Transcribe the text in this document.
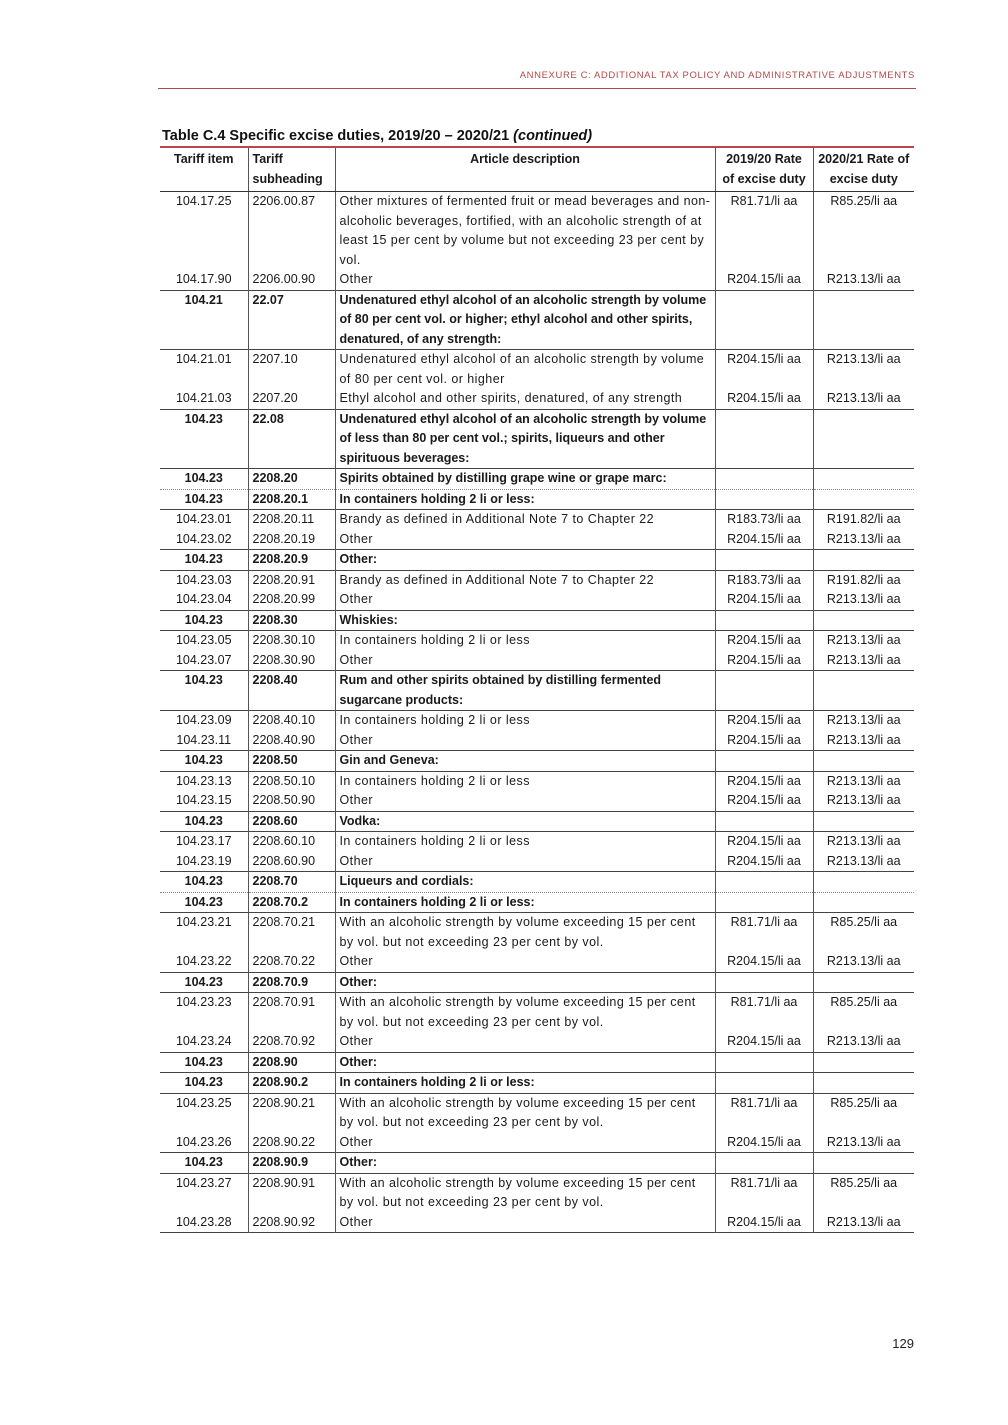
ANNEXURE C: ADDITIONAL TAX POLICY AND ADMINISTRATIVE ADJUSTMENTS
Table C.4 Specific excise duties, 2019/20 – 2020/21 (continued)
Tariff item	Tariff subheading	Article description	2019/20 Rate of excise duty	2020/21 Rate of excise duty
104.17.25	2206.00.87	Other mixtures of fermented fruit or mead beverages and non-alcoholic beverages, fortified, with an alcoholic strength of at least 15 per cent by volume but not exceeding 23 per cent by vol.	R81.71/li aa	R85.25/li aa
104.17.90	2206.00.90	Other	R204.15/li aa	R213.13/li aa
104.21	22.07	Undenatured ethyl alcohol of an alcoholic strength by volume of 80 per cent vol. or higher; ethyl alcohol and other spirits, denatured, of any strength:		
104.21.01	2207.10	Undenatured ethyl alcohol of an alcoholic strength by volume of 80 per cent vol. or higher	R204.15/li aa	R213.13/li aa
104.21.03	2207.20	Ethyl alcohol and other spirits, denatured, of any strength	R204.15/li aa	R213.13/li aa
104.23	22.08	Undenatured ethyl alcohol of an alcoholic strength by volume of less than 80 per cent vol.; spirits, liqueurs and other spirituous beverages:		
104.23	2208.20	Spirits obtained by distilling grape wine or grape marc:		
104.23	2208.20.1	In containers holding 2 li or less:		
104.23.01	2208.20.11	Brandy as defined in Additional Note 7 to Chapter 22	R183.73/li aa	R191.82/li aa
104.23.02	2208.20.19	Other	R204.15/li aa	R213.13/li aa
104.23	2208.20.9	Other:		
104.23.03	2208.20.91	Brandy as defined in Additional Note 7 to Chapter 22	R183.73/li aa	R191.82/li aa
104.23.04	2208.20.99	Other	R204.15/li aa	R213.13/li aa
104.23	2208.30	Whiskies:		
104.23.05	2208.30.10	In containers holding 2 li or less	R204.15/li aa	R213.13/li aa
104.23.07	2208.30.90	Other	R204.15/li aa	R213.13/li aa
104.23	2208.40	Rum and other spirits obtained by distilling fermented sugarcane products:		
104.23.09	2208.40.10	In containers holding 2 li or less	R204.15/li aa	R213.13/li aa
104.23.11	2208.40.90	Other	R204.15/li aa	R213.13/li aa
104.23	2208.50	Gin and Geneva:		
104.23.13	2208.50.10	In containers holding 2 li or less	R204.15/li aa	R213.13/li aa
104.23.15	2208.50.90	Other	R204.15/li aa	R213.13/li aa
104.23	2208.60	Vodka:		
104.23.17	2208.60.10	In containers holding 2 li or less	R204.15/li aa	R213.13/li aa
104.23.19	2208.60.90	Other	R204.15/li aa	R213.13/li aa
104.23	2208.70	Liqueurs and cordials:		
104.23	2208.70.2	In containers holding 2 li or less:		
104.23.21	2208.70.21	With an alcoholic strength by volume exceeding 15 per cent by vol. but not exceeding 23 per cent by vol.	R81.71/li aa	R85.25/li aa
104.23.22	2208.70.22	Other	R204.15/li aa	R213.13/li aa
104.23	2208.70.9	Other:		
104.23.23	2208.70.91	With an alcoholic strength by volume exceeding 15 per cent by vol. but not exceeding 23 per cent by vol.	R81.71/li aa	R85.25/li aa
104.23.24	2208.70.92	Other	R204.15/li aa	R213.13/li aa
104.23	2208.90	Other:		
104.23	2208.90.2	In containers holding 2 li or less:		
104.23.25	2208.90.21	With an alcoholic strength by volume exceeding 15 per cent by vol. but not exceeding 23 per cent by vol.	R81.71/li aa	R85.25/li aa
104.23.26	2208.90.22	Other	R204.15/li aa	R213.13/li aa
104.23	2208.90.9	Other:		
104.23.27	2208.90.91	With an alcoholic strength by volume exceeding 15 per cent by vol. but not exceeding 23 per cent by vol.	R81.71/li aa	R85.25/li aa
104.23.28	2208.90.92	Other	R204.15/li aa	R213.13/li aa
129
